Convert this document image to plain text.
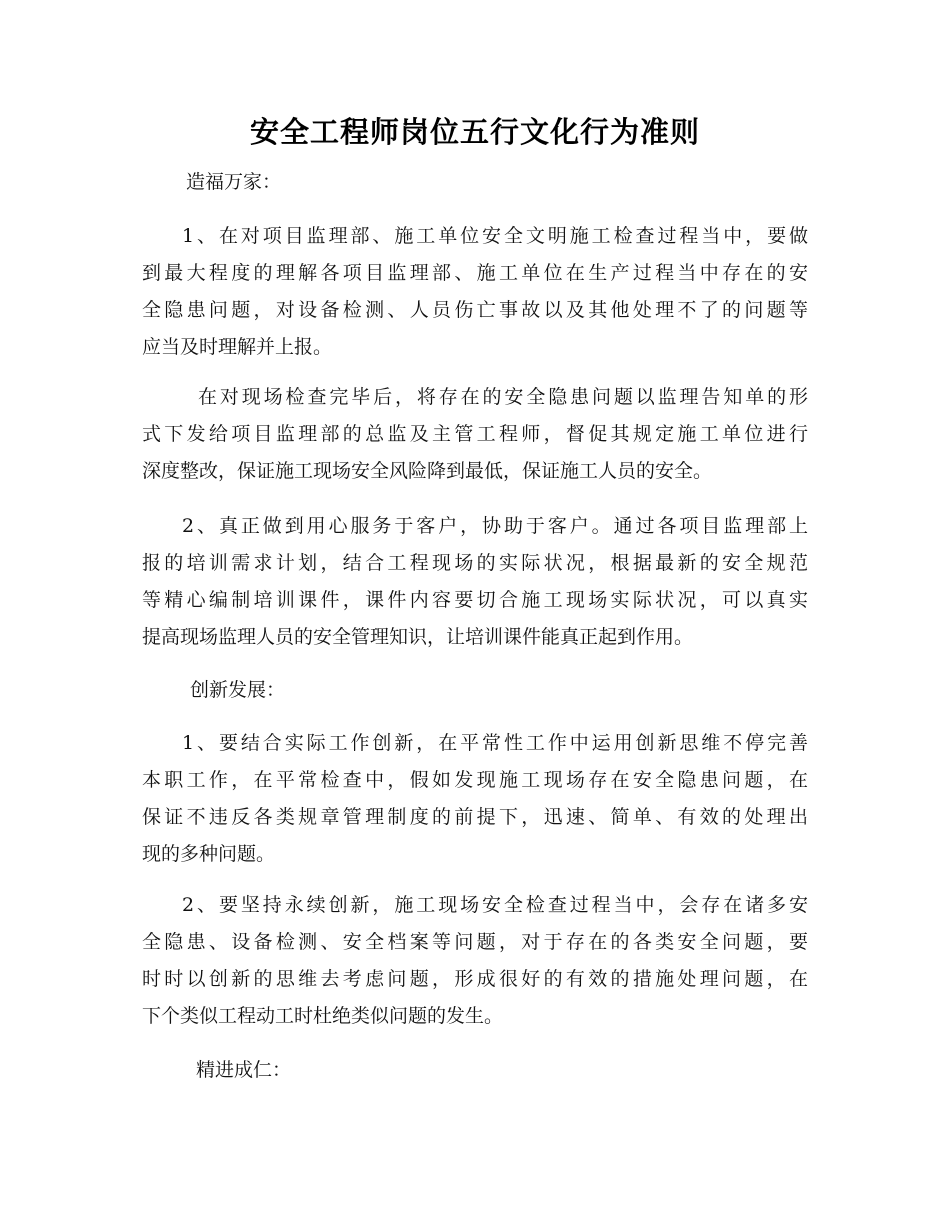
安全工程师岗位五行文化行为准则
造福万家：
1、在对项目监理部、施工单位安全文明施工检查过程当中，要做
到最大程度的理解各项目监理部、施工单位在生产过程当中存在的安
全隐患问题，对设备检测、人员伤亡事故以及其他处理不了的问题等
应当及时理解并上报。
在对现场检查完毕后，将存在的安全隐患问题以监理告知单的形
式下发给项目监理部的总监及主管工程师，督促其规定施工单位进行
深度整改，保证施工现场安全风险降到最低，保证施工人员的安全。
2、真正做到用心服务于客户，协助于客户。通过各项目监理部上
报的培训需求计划，结合工程现场的实际状况，根据最新的安全规范
等精心编制培训课件，课件内容要切合施工现场实际状况，可以真实
提高现场监理人员的安全管理知识，让培训课件能真正起到作用。
创新发展：
1、要结合实际工作创新，在平常性工作中运用创新思维不停完善
本职工作，在平常检查中，假如发现施工现场存在安全隐患问题，在
保证不违反各类规章管理制度的前提下，迅速、简单、有效的处理出
现的多种问题。
2、要坚持永续创新，施工现场安全检查过程当中，会存在诸多安
全隐患、设备检测、安全档案等问题，对于存在的各类安全问题，要
时时以创新的思维去考虑问题，形成很好的有效的措施处理问题，在
下个类似工程动工时杜绝类似问题的发生。
精进成仁：
